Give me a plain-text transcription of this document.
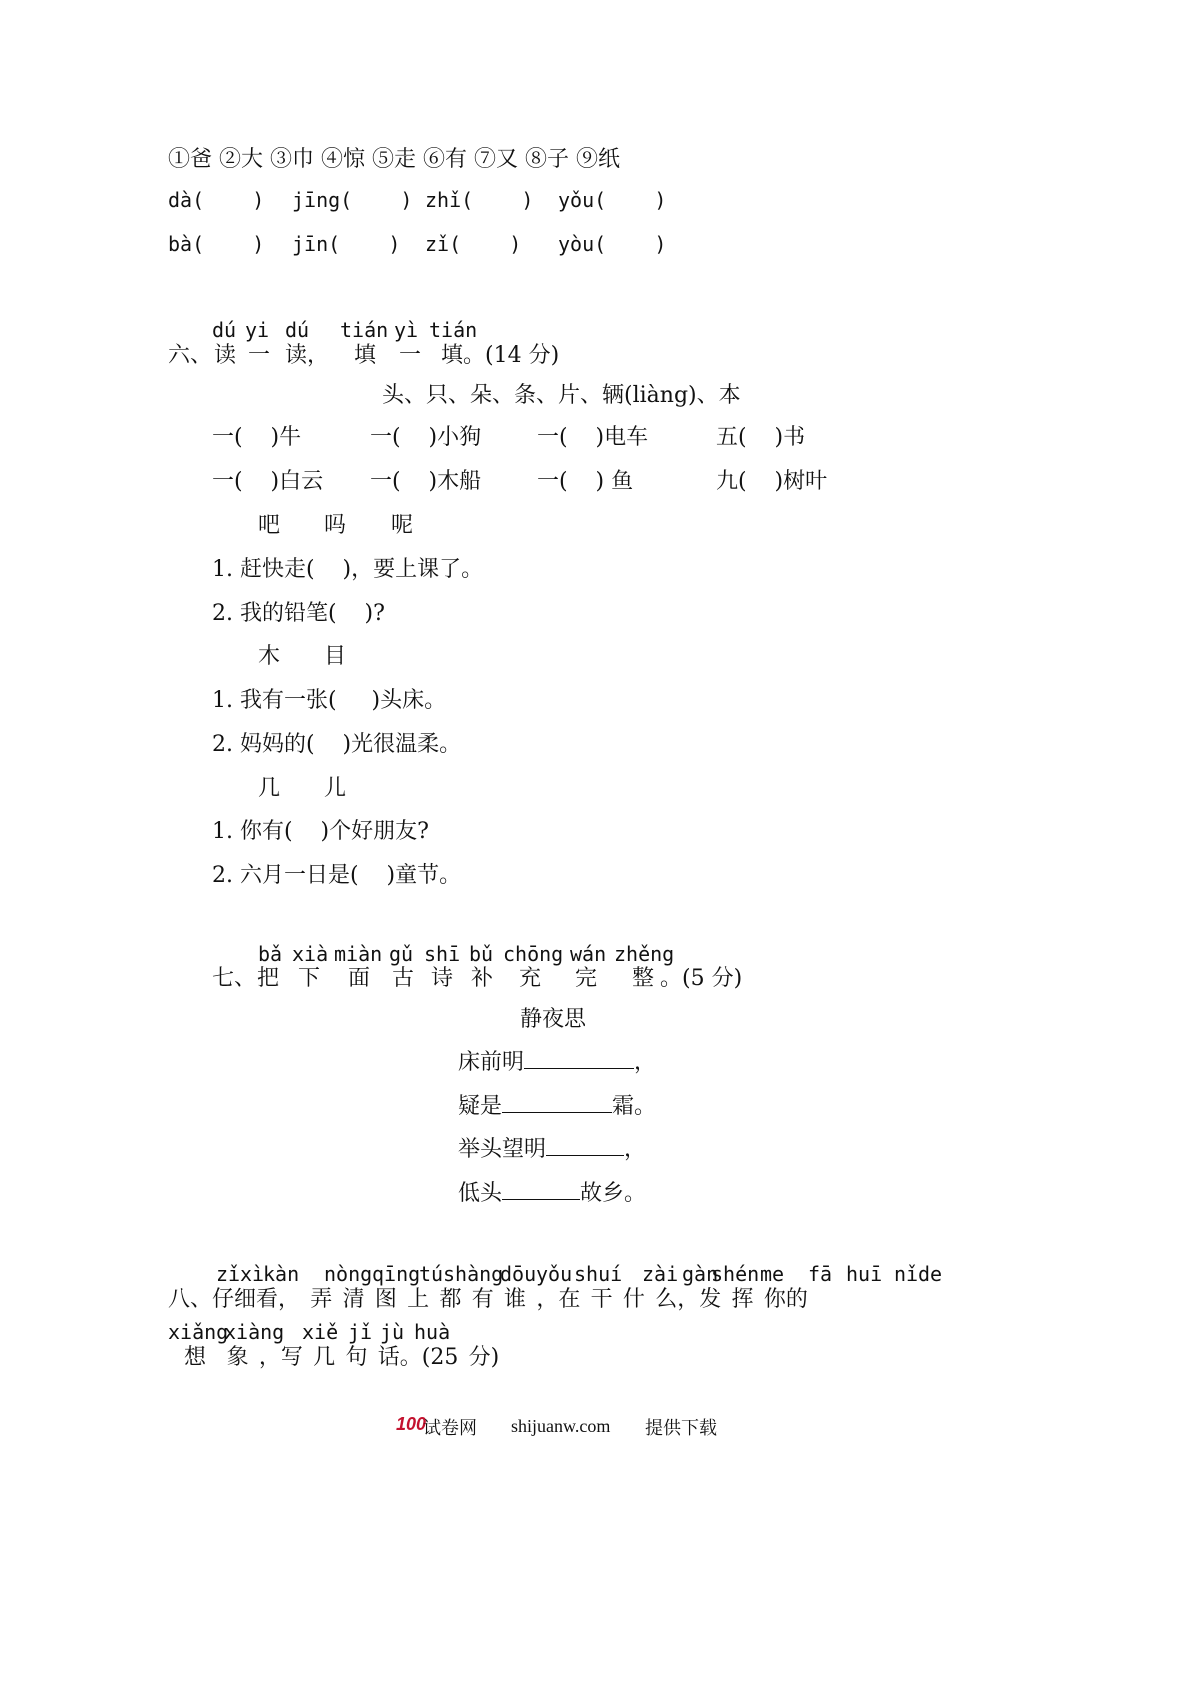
①爸 ②大 ③巾 ④惊 ⑤走 ⑥有 ⑦又 ⑧子 ⑨纸
dà(    ) jīng(    ) zhǐ(    ) yǒu(    )
bà(    ) jīn(    ) zǐ(    ) yòu(    )
dú yi dú tián yì tián
六、 读 一 读， 填 一 填 。(14 分)
头、只、朵、条、片、辆(liàng)、本
一(    )牛	一(    )小狗	一(    )电车	五(    )书
一(    )白云 一(    )木船	一(    ) 鱼	九(    )树叶
吧 吗 呢
1. 赶快走(    )，要上课了。
2. 我的铅笔(    )?
木 目
1. 我有一张(     )头床。
2. 妈妈的(    )光很温柔。
几 儿
1. 你有(    )个好朋友?
2. 六月一日是(    )童节。
bǎ xià miàn gǔ shī bǔ chōng wán zhěng
七、 把 下 面 古 诗 补 充 完 整 。(5 分)
静夜思
床前明	，
疑是	霜。
举头望明	，
低头	故乡。
zǐ xì
kàn nòng qīng
tú shàng
dōu yǒu shuí zài gàn
shén me fā huī nǐ de
八、仔细看， 弄 清 图 上 都 有 谁 ，在 干 什 么，发 挥 你的
xiǎng
xiàng xiě jǐ jù huà
想  象 ，写 几 句 话。(25 分)
100
试卷网 shijuanw.com 提供下载
